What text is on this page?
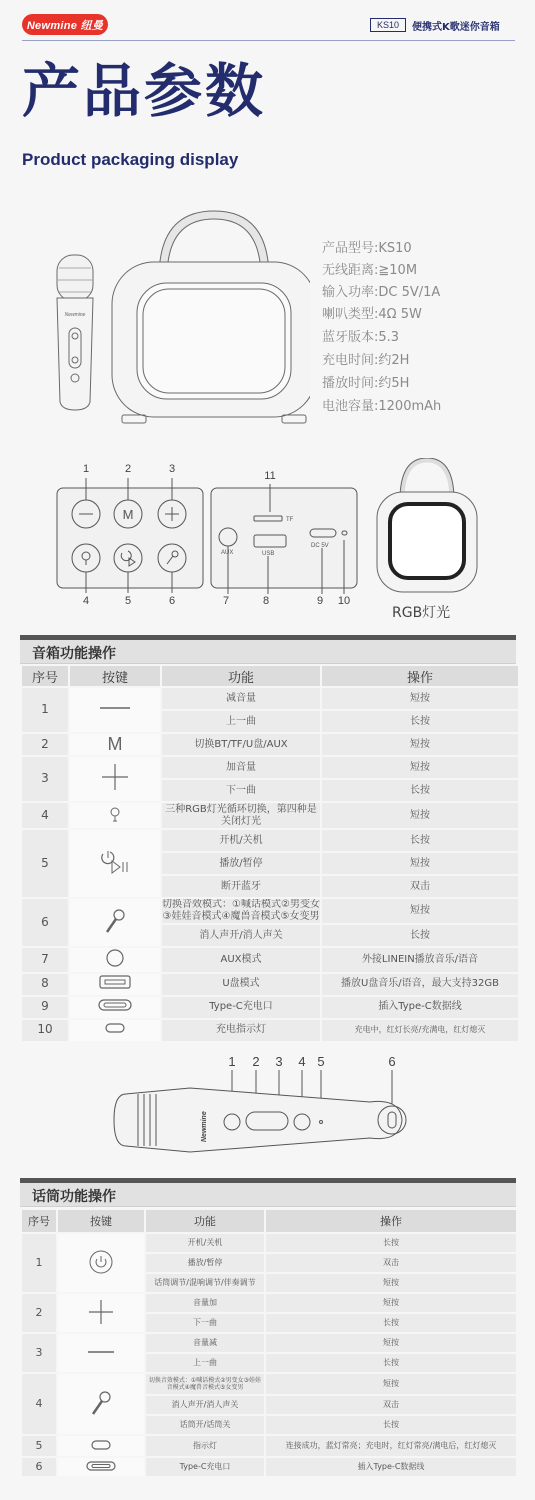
Newmine 纽曼	KS10	便携式K歌迷你音箱
产品参数
Product packaging display
Newmine
产品型号:KS10
无线距离:≧10M
输入功率:DC 5V/1A
喇叭类型:4Ω 5W
蓝牙版本:5.3
充电时间:约2H
播放时间:约5H
电池容量:1200mAh
1	2	3
4	5	6
M
11
7	8	9	10
TF
AUX	USB
DC 5V
RGB灯光
音箱功能操作
序号	按键	功能	操作
1		减音量	短按
		上一曲	长按
2	M	切换BT/TF/U盘/AUX	短按
3		加音量	短按
		下一曲	长按
4		三种RGB灯光循环切换，第四种是关闭灯光	短按
5		开机/关机	长按
		播放/暂停	短按
		断开蓝牙	双击
6		切换音效模式：①喊话模式②男变女③娃娃音模式④魔兽音模式⑤女变男	短按
		消人声开/消人声关	长按
7		AUX模式	外接LINEIN播放音乐/语音
8		U盘模式	播放U盘音乐/语音，最大支持32GB
9		Type-C充电口	插入Type-C数据线
10		充电指示灯	充电中，红灯长亮/充满电，红灯熄灭
1 2 3 4 5	6
Newmine
话筒功能操作
序号	按键	功能	操作
1		开机/关机	长按
		播放/暂停	双击
		话筒调节/混响调节/伴奏调节	短按
2		音量加	短按
		下一曲	长按
3		音量减	短按
		上一曲	长按
4		切换音效模式：①喊话模式②男变女③娃娃音模式④魔兽音模式⑤女变男	短按
		消人声开/消人声关	双击
		话筒开/话筒关	长按
5		指示灯	连接成功，蓝灯常亮；充电时，红灯常亮/满电后，红灯熄灭
6		Type-C充电口	插入Type-C数据线
